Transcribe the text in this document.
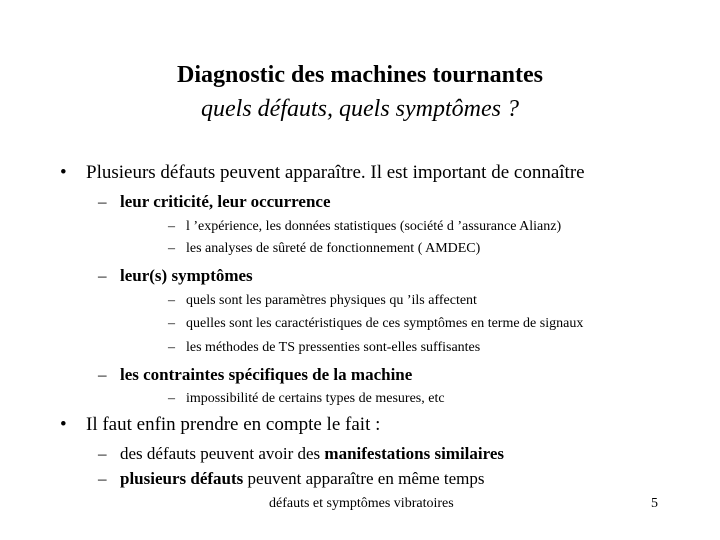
Diagnostic des machines tournantes
quels défauts, quels symptômes ?
• Plusieurs défauts peuvent apparaître. Il est important de connaître
– leur criticité, leur occurrence
– l ’expérience, les données statistiques (société d ’assurance Alianz)
– les analyses de sûreté de fonctionnement ( AMDEC)
– leur(s) symptômes
– quels sont les paramètres physiques qu ’ils affectent
– quelles sont les caractéristiques de ces symptômes en terme de signaux
– les méthodes de TS pressenties sont-elles suffisantes
– les contraintes spécifiques de la machine
– impossibilité de certains types de mesures, etc
• Il faut enfin prendre en compte le fait :
– des défauts peuvent avoir des manifestations similaires
– plusieurs défauts peuvent apparaître en même temps
défauts et symptômes vibratoires	5
